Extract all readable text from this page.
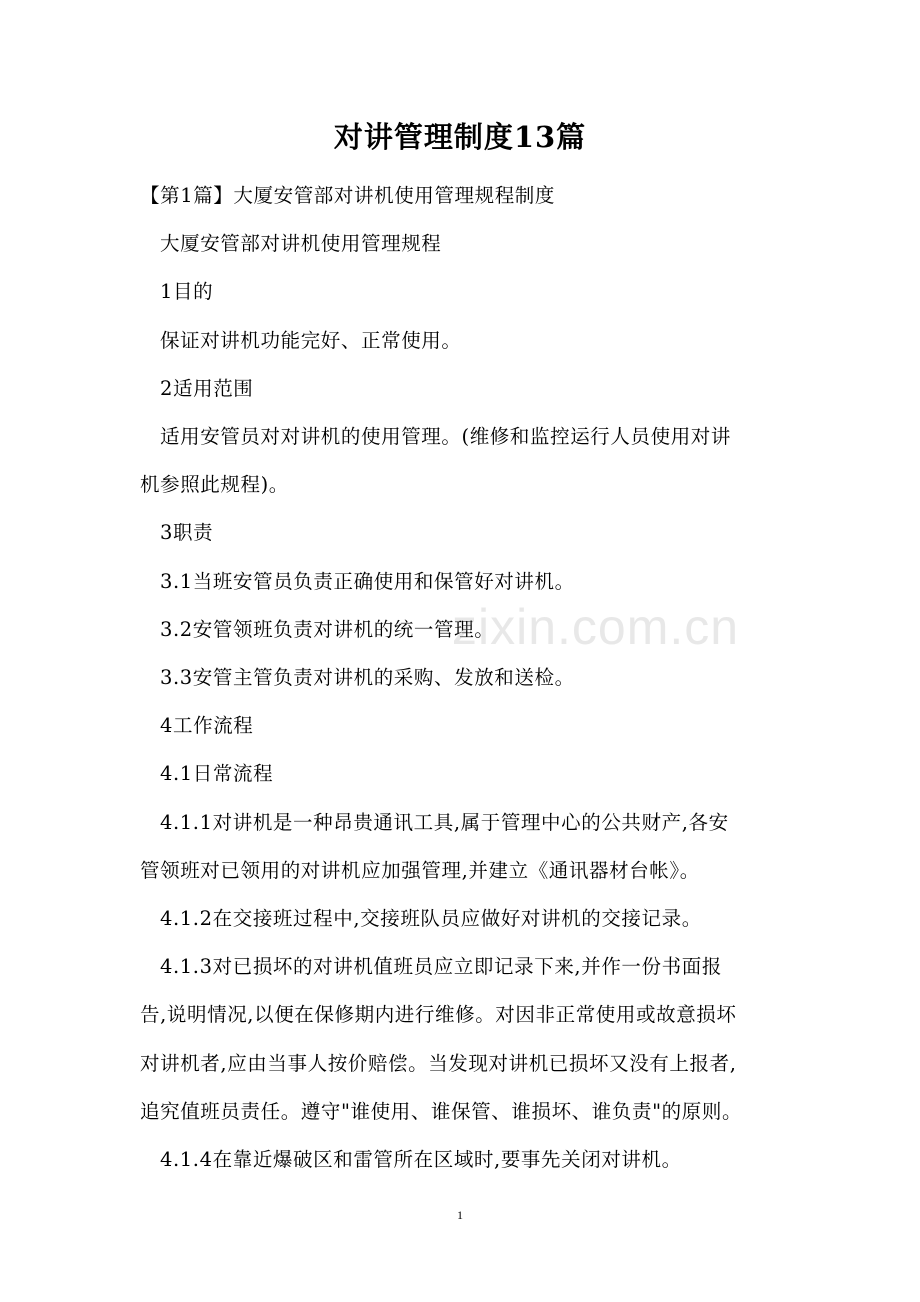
对讲管理制度13篇

【第1篇】大厦安管部对讲机使用管理规程制度

大厦安管部对讲机使用管理规程

1目的

保证对讲机功能完好、正常使用。

2适用范围

适用安管员对对讲机的使用管理。(维修和监控运行人员使用对讲

机参照此规程)。

3职责

3.1当班安管员负责正确使用和保管好对讲机。

3.2安管领班负责对讲机的统一管理。

3.3安管主管负责对讲机的采购、发放和送检。

4工作流程

4.1日常流程

4.1.1对讲机是一种昂贵通讯工具,属于管理中心的公共财产,各安

管领班对已领用的对讲机应加强管理,并建立《通讯器材台帐》。

4.1.2在交接班过程中,交接班队员应做好对讲机的交接记录。

4.1.3对已损坏的对讲机值班员应立即记录下来,并作一份书面报

告,说明情况,以便在保修期内进行维修。对因非正常使用或故意损坏

对讲机者,应由当事人按价赔偿。当发现对讲机已损坏又没有上报者,

追究值班员责任。遵守"谁使用、谁保管、谁损坏、谁负责"的原则。

4.1.4在靠近爆破区和雷管所在区域时,要事先关闭对讲机。

zixin.com.cn
1
